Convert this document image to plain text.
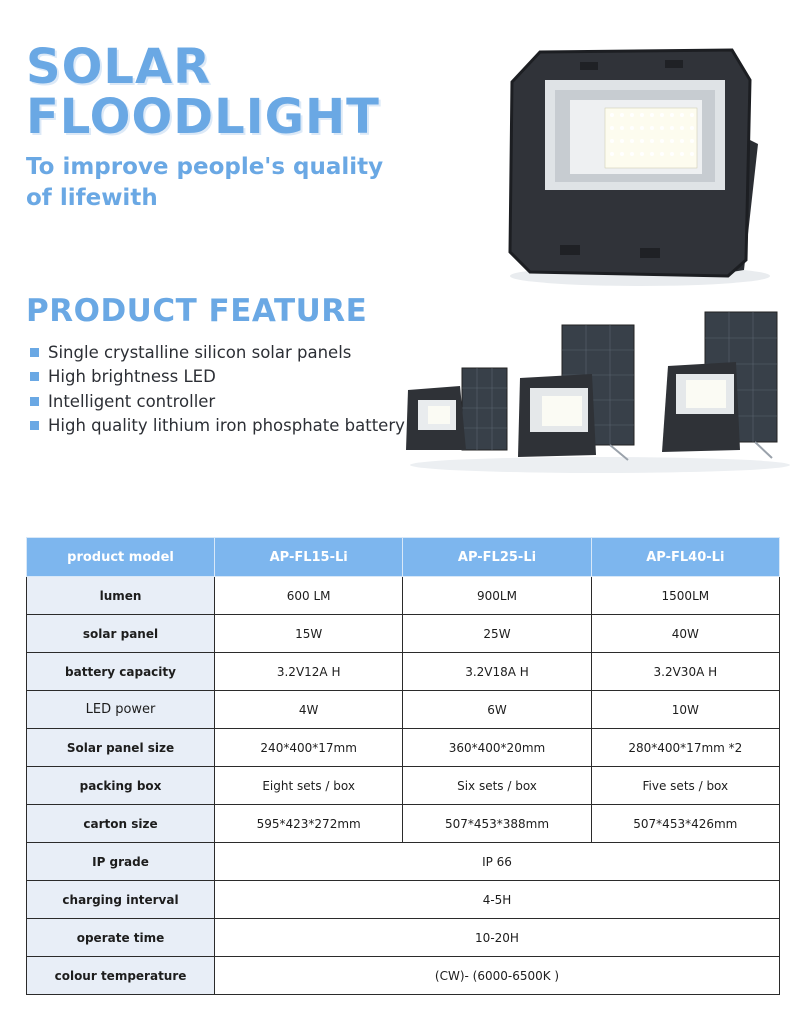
SOLAR
FLOODLIGHT
To improve people's quality of lifewith
PRODUCT FEATURE
Single crystalline silicon solar panels
High brightness LED
Intelligent controller
High quality lithium iron phosphate battery
product model	AP-FL15-Li	AP-FL25-Li	AP-FL40-Li
lumen	600 LM	900LM	1500LM
solar panel	15W	25W	40W
battery capacity	3.2V12A H	3.2V18A H	3.2V30A H
LED power	4W	6W	10W
Solar panel size	240*400*17mm	360*400*20mm	280*400*17mm *2
packing box	Eight sets / box	Six sets / box	Five sets / box
carton size	595*423*272mm	507*453*388mm	507*453*426mm
IP grade	IP 66		
charging interval	4-5H		
operate time	10-20H		
colour temperature	(CW)- (6000-6500K )		
